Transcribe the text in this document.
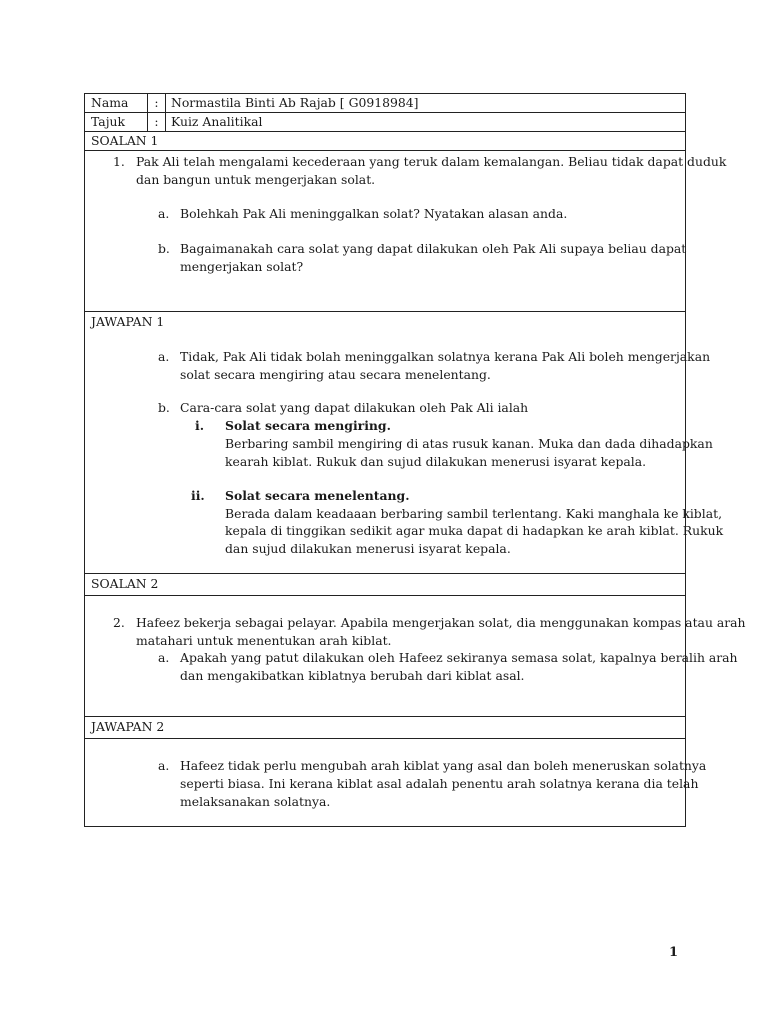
Nama	:	Normastila Binti Ab Rajab [ G0918984]
Tajuk	:	Kuiz Analitikal
SOALAN 1
1. Pak Ali telah mengalami kecederaan yang teruk dalam kemalangan. Beliau tidak dapat duduk
dan bangun untuk mengerjakan solat.
a. Bolehkah Pak Ali meninggalkan solat? Nyatakan alasan anda.
b. Bagaimanakah cara solat yang dapat dilakukan oleh Pak Ali supaya beliau dapat
mengerjakan solat?
JAWAPAN 1
a. Tidak, Pak Ali tidak bolah meninggalkan solatnya kerana Pak Ali boleh mengerjakan
solat secara mengiring atau secara menelentang.
b. Cara-cara solat yang dapat dilakukan oleh Pak Ali ialah
i. Solat secara mengiring.
Berbaring sambil mengiring di atas rusuk kanan. Muka dan dada dihadapkan
kearah kiblat. Rukuk dan sujud dilakukan menerusi isyarat kepala.
ii. Solat secara menelentang.
Berada dalam keadaaan berbaring sambil terlentang. Kaki manghala ke kiblat,
kepala di tinggikan sedikit agar muka dapat di hadapkan ke arah kiblat. Rukuk
dan sujud dilakukan menerusi isyarat kepala.
SOALAN 2
2. Hafeez bekerja sebagai pelayar. Apabila mengerjakan solat, dia menggunakan kompas atau arah
matahari untuk menentukan arah kiblat.
a. Apakah yang patut dilakukan oleh Hafeez sekiranya semasa solat, kapalnya beralih arah
dan mengakibatkan kiblatnya berubah dari kiblat asal.
JAWAPAN 2
a. Hafeez tidak perlu mengubah arah kiblat yang asal dan boleh meneruskan solatnya
seperti biasa. Ini kerana kiblat asal adalah penentu arah solatnya kerana dia telah
melaksanakan solatnya.
1
